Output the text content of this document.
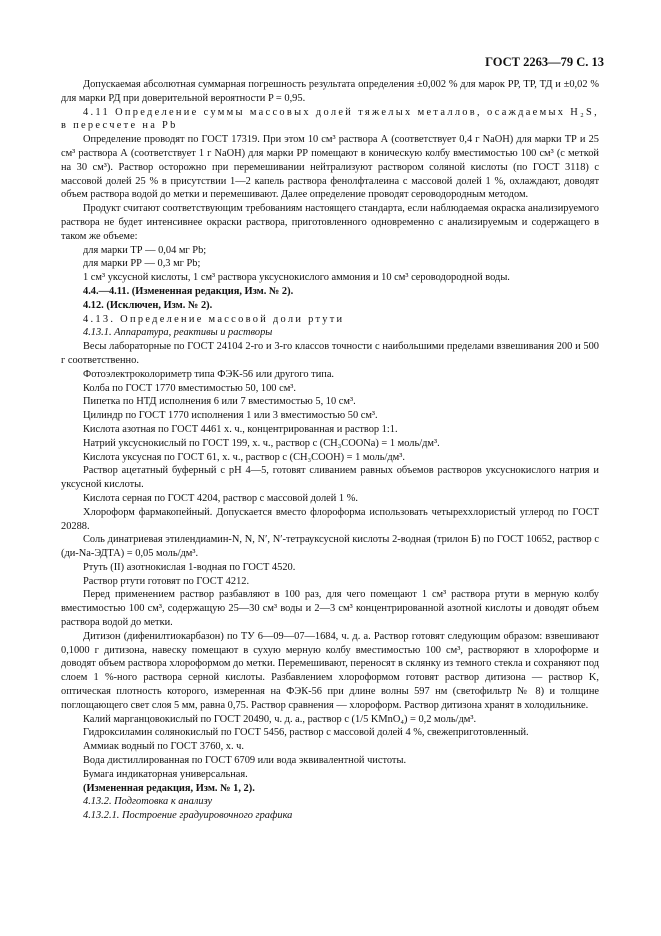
ГОСТ 2263—79 С. 13

Допускаемая абсолютная суммарная погрешность результата определения ±0,002 % для марок РР, ТР, ТД и ±0,02 % для марки РД при доверительной вероятности P = 0,95.

4.11 Определение суммы массовых долей тяжелых металлов, осаждаемых H₂S, в пересчете на Pb

Определение проводят по ГОСТ 17319. При этом 10 см³ раствора А (соответствует 0,4 г NaOH) для марки ТР и 25 см³ раствора А (соответствует 1 г NaOH) для марки РР помещают в коническую колбу вместимостью 100 см³ (с меткой на 30 см³). Раствор осторожно при перемешивании нейтрализуют раствором соляной кислоты (по ГОСТ 3118) с массовой долей 25 % в присутствии 1—2 капель раствора фенолфталеина с массовой долей 1 %, охлаждают, доводят объем раствора водой до метки и перемешивают. Далее определение проводят сероводородным методом.

Продукт считают соответствующим требованиям настоящего стандарта, если наблюдаемая окраска анализируемого раствора не будет интенсивнее окраски раствора, приготовленного одновременно с анализируемым и содержащего в таком же объеме:

для марки ТР — 0,04 мг Pb;

для марки РР — 0,3 мг Pb;

1 см³ уксусной кислоты, 1 см³ раствора уксуснокислого аммония и 10 см³ сероводородной воды.

4.4.—4.11. (Измененная редакция, Изм. № 2).

4.12. (Исключен, Изм. № 2).

4.13. Определение массовой доли ртути

4.13.1. Аппаратура, реактивы и растворы

Весы лабораторные по ГОСТ 24104 2-го и 3-го классов точности с наибольшими пределами взвешивания 200 и 500 г соответственно.

Фотоэлектроколориметр типа ФЭК-56 или другого типа.

Колба по ГОСТ 1770 вместимостью 50, 100 см³.

Пипетка по НТД исполнения 6 или 7 вместимостью 5, 10 см³.

Цилиндр по ГОСТ 1770 исполнения 1 или 3 вместимостью 50 см³.

Кислота азотная по ГОСТ 4461 х. ч., концентрированная и раствор 1:1.

Натрий уксуснокислый по ГОСТ 199, х. ч., раствор c (CH₃COONa) = 1 моль/дм³.

Кислота уксусная по ГОСТ 61, х. ч., раствор c (CH₃COOH) = 1 моль/дм³.

Раствор ацетатный буферный с pH 4—5, готовят сливанием равных объемов растворов уксуснокислого натрия и уксусной кислоты.

Кислота серная по ГОСТ 4204, раствор с массовой долей 1 %.

Хлороформ фармакопейный. Допускается вместо флороформа использовать четыреххлористый углерод по ГОСТ 20288.

Соль динатриевая этилендиамин-N, N, N′, N′-тетрауксусной кислоты 2-водная (трилон Б) по ГОСТ 10652, раствор c (ди-Na-ЭДТА) = 0,05 моль/дм³.

Ртуть (II) азотнокислая 1-водная по ГОСТ 4520.

Раствор ртути готовят по ГОСТ 4212.

Перед применением раствор разбавляют в 100 раз, для чего помещают 1 см³ раствора ртути в мерную колбу вместимостью 100 см³, содержащую 25—30 см³ воды и 2—3 см³ концентрированной азотной кислоты и доводят объем раствора водой до метки.

Дитизон (дифенилтиокарбазон) по ТУ 6—09—07—1684, ч. д. а. Раствор готовят следующим образом: взвешивают 0,1000 г дитизона, навеску помещают в сухую мерную колбу вместимостью 100 см³, растворяют в хлороформе и доводят объем раствора хлороформом до метки. Перемешивают, переносят в склянку из темного стекла и сохраняют под слоем 1 %-ного раствора серной кислоты. Разбавлением хлороформом готовят раствор дитизона — раствор K, оптическая плотность которого, измеренная на ФЭК-56 при длине волны 597 нм (светофильтр № 8) и толщине поглощающего свет слоя 5 мм, равна 0,75. Раствор сравнения — хлороформ. Раствор дитизона хранят в холодильнике.

Калий марганцовокислый по ГОСТ 20490, ч. д. а., раствор c (1/5 KMnO₄) = 0,2 моль/дм³.

Гидроксиламин солянокислый по ГОСТ 5456, раствор с массовой долей 4 %, свежеприготовленный.

Аммиак водный по ГОСТ 3760, х. ч.

Вода дистиллированная по ГОСТ 6709 или вода эквивалентной чистоты.

Бумага индикаторная универсальная.

(Измененная редакция, Изм. № 1, 2).

4.13.2. Подготовка к анализу

4.13.2.1. Построение градуировочного графика
